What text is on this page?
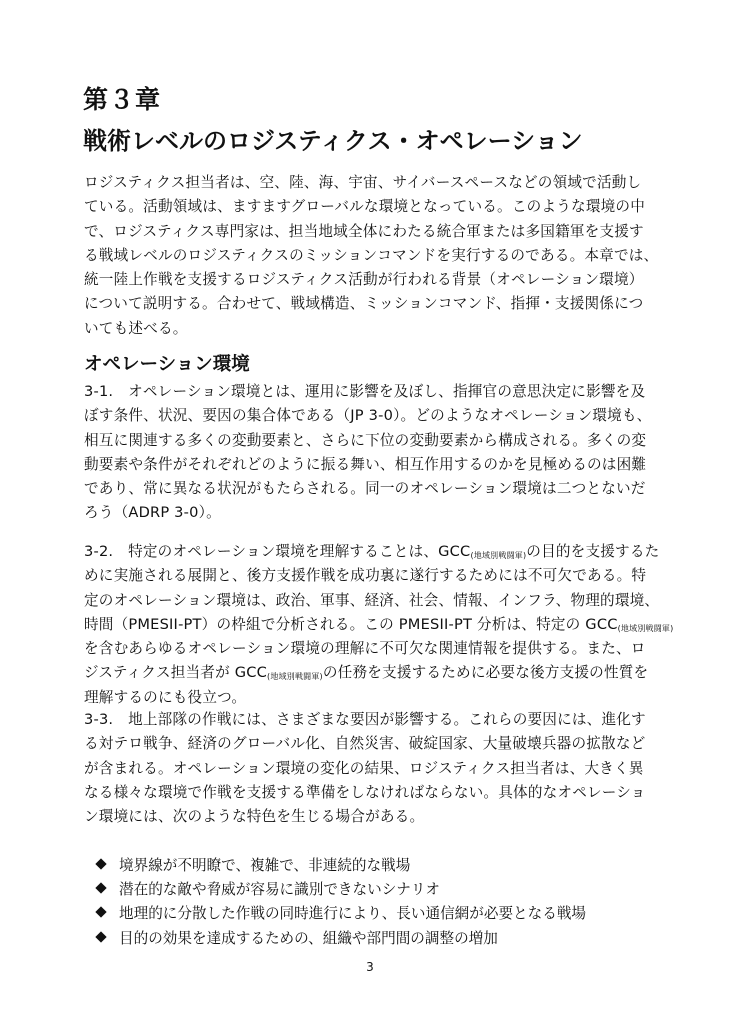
第３章
戦術レベルのロジスティクス・オペレーション
ロジスティクス担当者は、空、陸、海、宇宙、サイバースペースなどの領域で活動し
ている。活動領域は、ますますグローバルな環境となっている。このような環境の中
で、ロジスティクス専門家は、担当地域全体にわたる統合軍または多国籍軍を支援す
る戦域レベルのロジスティクスのミッションコマンドを実行するのである。本章では、
統一陸上作戦を支援するロジスティクス活動が行われる背景（オペレーション環境）
について説明する。合わせて、戦域構造、ミッションコマンド、指揮・支援関係につ
いても述べる。
オペレーション環境
3-1.　オペレーション環境とは、運用に影響を及ぼし、指揮官の意思決定に影響を及
ぼす条件、状況、要因の集合体である（JP 3-0）。どのようなオペレーション環境も、
相互に関連する多くの変動要素と、さらに下位の変動要素から構成される。多くの変
動要素や条件がそれぞれどのように振る舞い、相互作用するのかを見極めるのは困難
であり、常に異なる状況がもたらされる。同一のオペレーション環境は二つとないだ
ろう（ADRP 3-0）。
3-2.　特定のオペレーション環境を理解することは、$GCC_{(地域別戦闘軍)}$の目的を支援するた
めに実施される展開と、後方支援作戦を成功裏に遂行するためには不可欠である。特
定のオペレーション環境は、政治、軍事、経済、社会、情報、インフラ、物理的環境、
時間（PMESII-PT）の枠組で分析される。この PMESII-PT 分析は、特定の $GCC_{(地域別戦闘軍)}$
を含むあらゆるオペレーション環境の理解に不可欠な関連情報を提供する。また、ロ
ジスティクス担当者が $GCC_{(地域別戦闘軍)}$の任務を支援するために必要な後方支援の性質を
理解するのにも役立つ。
3-3.　地上部隊の作戦には、さまざまな要因が影響する。これらの要因には、進化す
る対テロ戦争、経済のグローバル化、自然災害、破綻国家、大量破壊兵器の拡散など
が含まれる。オペレーション環境の変化の結果、ロジスティクス担当者は、大きく異
なる様々な環境で作戦を支援する準備をしなければならない。具体的なオペレーショ
ン環境には、次のような特色を生じる場合がある。
境界線が不明瞭で、複雑で、非連続的な戦場
潜在的な敵や脅威が容易に識別できないシナリオ
地理的に分散した作戦の同時進行により、長い通信網が必要となる戦場
目的の効果を達成するための、組織や部門間の調整の増加
3
